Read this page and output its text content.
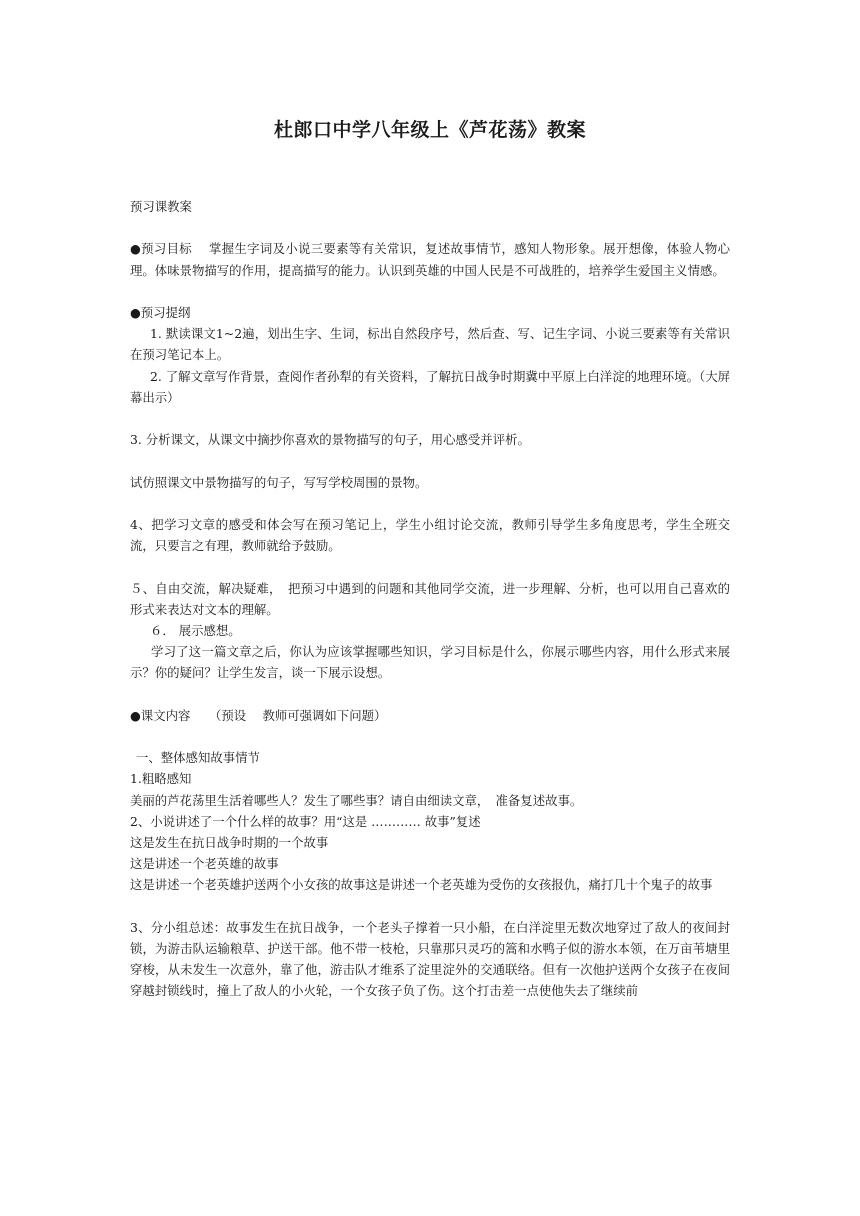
杜郎口中学八年级上《芦花荡》教案

预习课教案

●预习目标　 掌握生字词及小说三要素等有关常识，复述故事情节，感知人物形象。展开想像，体验人物心理。体味景物描写的作用，提高描写的能力。认识到英雄的中国人民是不可战胜的，培养学生爱国主义情感。

●预习提纲

1. 默读课文1~2遍，划出生字、生词，标出自然段序号，然后查、写、记生字词、小说三要素等有关常识在预习笔记本上。

2. 了解文章写作背景，查阅作者孙犁的有关资料，了解抗日战争时期冀中平原上白洋淀的地理环境。（大屏幕出示）

3. 分析课文，从课文中摘抄你喜欢的景物描写的句子，用心感受并评析。

试仿照课文中景物描写的句子，写写学校周围的景物。

4、把学习文章的感受和体会写在预习笔记上，学生小组讨论交流，教师引导学生多角度思考，学生全班交流，只要言之有理，教师就给予鼓励。

５、自由交流，解决疑难，　把预习中遇到的问题和其他同学交流，进一步理解、分析，也可以用自己喜欢的形式来表达对文本的理解。

６． 展示感想。

学习了这一篇文章之后，你认为应该掌握哪些知识，学习目标是什么，你展示哪些内容，用什么形式来展示？你的疑问？让学生发言，谈一下展示设想。

●课文内容　　（预设　 教师可强调如下问题）

一、整体感知故事情节

1.粗略感知

美丽的芦花荡里生活着哪些人？发生了哪些事？请自由细读文章，　准备复述故事。

2、小说讲述了一个什么样的故事？用“这是 ………… 故事”复述

这是发生在抗日战争时期的一个故事

这是讲述一个老英雄的故事

这是讲述一个老英雄护送两个小女孩的故事这是讲述一个老英雄为受伤的女孩报仇，痛打几十个鬼子的故事

3、分小组总述：故事发生在抗日战争，一个老头子撑着一只小船，在白洋淀里无数次地穿过了敌人的夜间封锁，为游击队运输粮草、护送干部。他不带一枝枪，只靠那只灵巧的篙和水鸭子似的游水本领，在万亩苇塘里穿梭，从未发生一次意外，靠了他，游击队才维系了淀里淀外的交通联络。但有一次他护送两个女孩子在夜间穿越封锁线时，撞上了敌人的小火轮，一个女孩子负了伤。这个打击差一点使他失去了继续前
